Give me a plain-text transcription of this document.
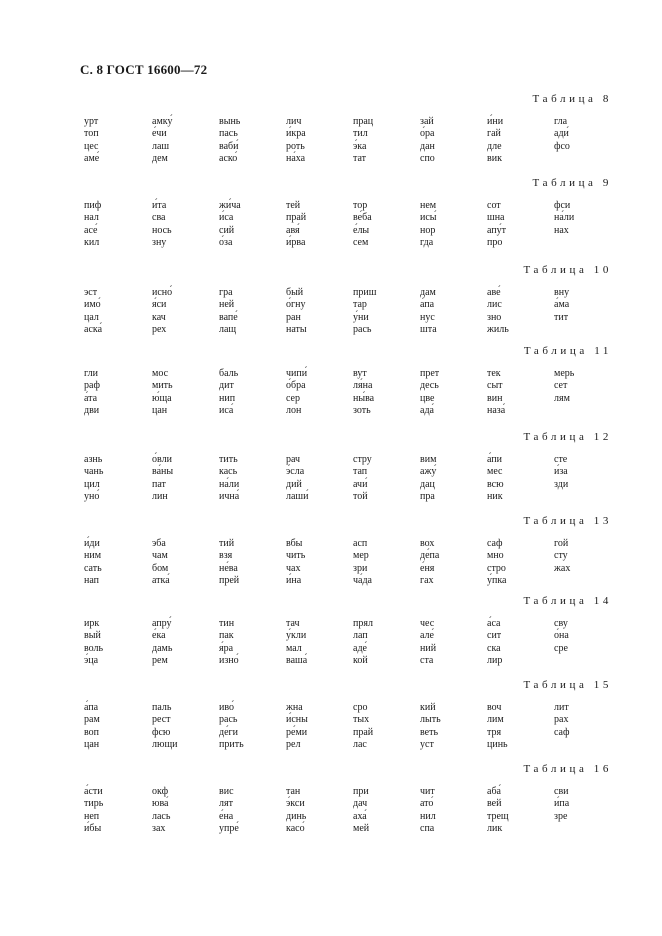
С. 8 ГОСТ 16600—72
Таблица 8
урт
топ
цес
аме́
амку́
е́чи
лаш
дем
вынь
пась
ваби́
аско́
лич
и́кра
роть
на́ха
прац
тил
э́ка
тат
зай
о́ра
дан
спо
и́ни
гай
дле
вик
гла
ади́
фсо
Таблица 9
пиф
нал
асе́
кил
и́та
сва
нось
зну
жи́ча
и́са
сий
о́за
тей
прай
авя́
и́рва
тор
ве́ба
е́лы
сем
нем
исы́
нор
гда
сот
шна
апу́т
про
фси
на́ли
нах
Таблица 10
эст
имо́
цал
аска́
исно́
я́си
кач
рех
гра
ней
вапе́
лащ
бый
о́гну
ран
наты
приш
тар
у́ни
рась
дам
а́па
нус
шта
аве́
лис
зно
жиль
вну
а́ма
тит
Таблица 11
гли
раф
а́та
дви
мос
мить
ю́ща
цан
баль
дит
нип
иса́
чипи́
о́бра
сер
лон
вут
ля́на
ны́ва
зоть
прет
десь
цве
ада́
тек
сыт
вин
наза́
мерь
сет
лям
Таблица 12
азнь
чань
цил
уно́
о́вли
ва́ны
пат
лин
тить
кась
на́ли
ична́
рач
э́сла
дий
лаши́
стру
тап
ачи́
той
вим
ажу́
дац
пра
а́пи
мес
всю
ник
сте
и́за
зди
Таблица 13
и́ди
ним
сать
нап
эба
чам
бом
атка́
тий
взя
не́ва
прей
вбы
чить
чах
и́на
асп
мер
зри
ча́да
вох
де́па
е́ня
гах
саф
мно
стро
у́пка
гой
сту
жах
Таблица 14
ирк
вый
воль
э́ца
апру́
е́ка
дамь
рем
тин
пак
я́ра
изно́
тач
у́кли
мал
ваша́
прял
лап
аде́
кой
чес
але́
ний
ста
а́са
сит
ска
лир
сву
о́на
сре
Таблица 15
а́па
рам
воп
цан
паль
рест
фсю
лющи
иво́
рась
де́ги
прить
жна
и́сны
ре́ми
рел
сро
тых
прай
лас
кий
лыть
веть
уст
воч
лим
тря
цинь
лит
рах
саф
Таблица 16
а́сти
тирь
неп
и́бы
окф
юва́
лась
зах
вис
лят
е́на
упре́
тан
э́кси
динь
касо́
при
дач
аха́
мей
чит
ато́
нил
спа
аба́
вей
трещ
лик
сви
и́па
зре
